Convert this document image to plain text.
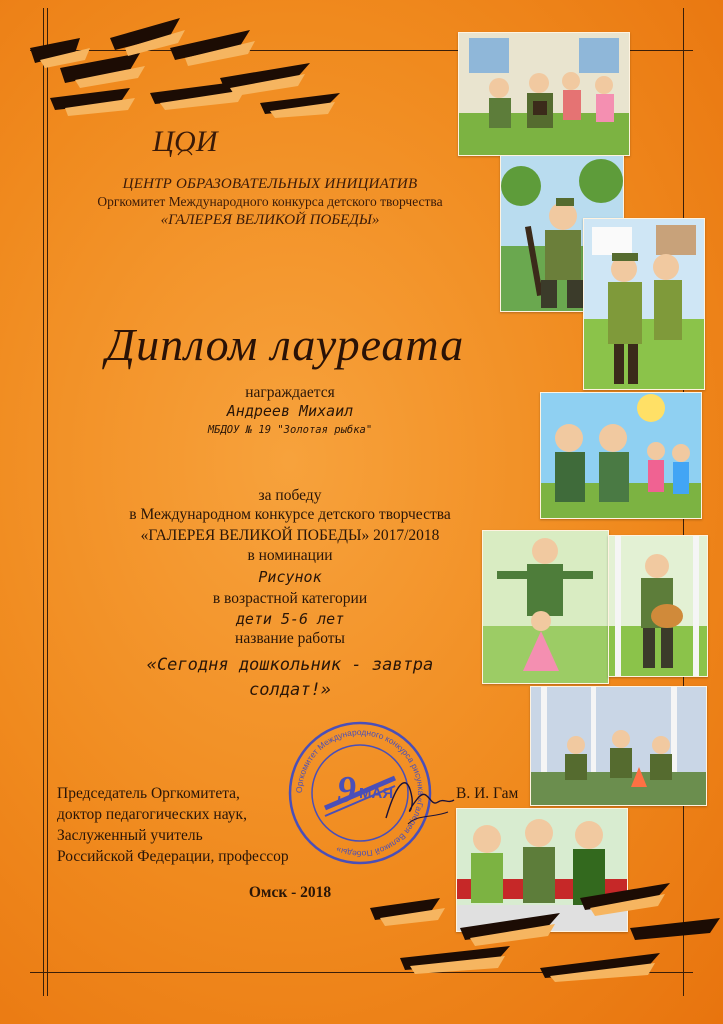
ЦОИ
ЦЕНТР ОБРАЗОВАТЕЛЬНЫХ ИНИЦИАТИВ
Оргкомитет Международного конкурса детского творчества
«ГАЛЕРЕЯ ВЕЛИКОЙ ПОБЕДЫ»
Диплом лауреата
награждается
Андреев Михаил
МБДОУ № 19 "Золотая рыбка"
за победу
в Международном конкурсе детского творчества
«ГАЛЕРЕЯ ВЕЛИКОЙ ПОБЕДЫ» 2017/2018
в номинации
Рисунок
в возрастной категории
дети 5-6 лет
название работы
«Сегодня дошкольник - завтра
солдат!»
Председатель Оргкомитета,
доктор педагогических наук,
Заслуженный учитель
Российской Федерации, профессор
Оргкомитет Международного конкурса рисунка «Галерея Великой Победы»
9 МАЯ	В. И. Гам
Омск - 2018
